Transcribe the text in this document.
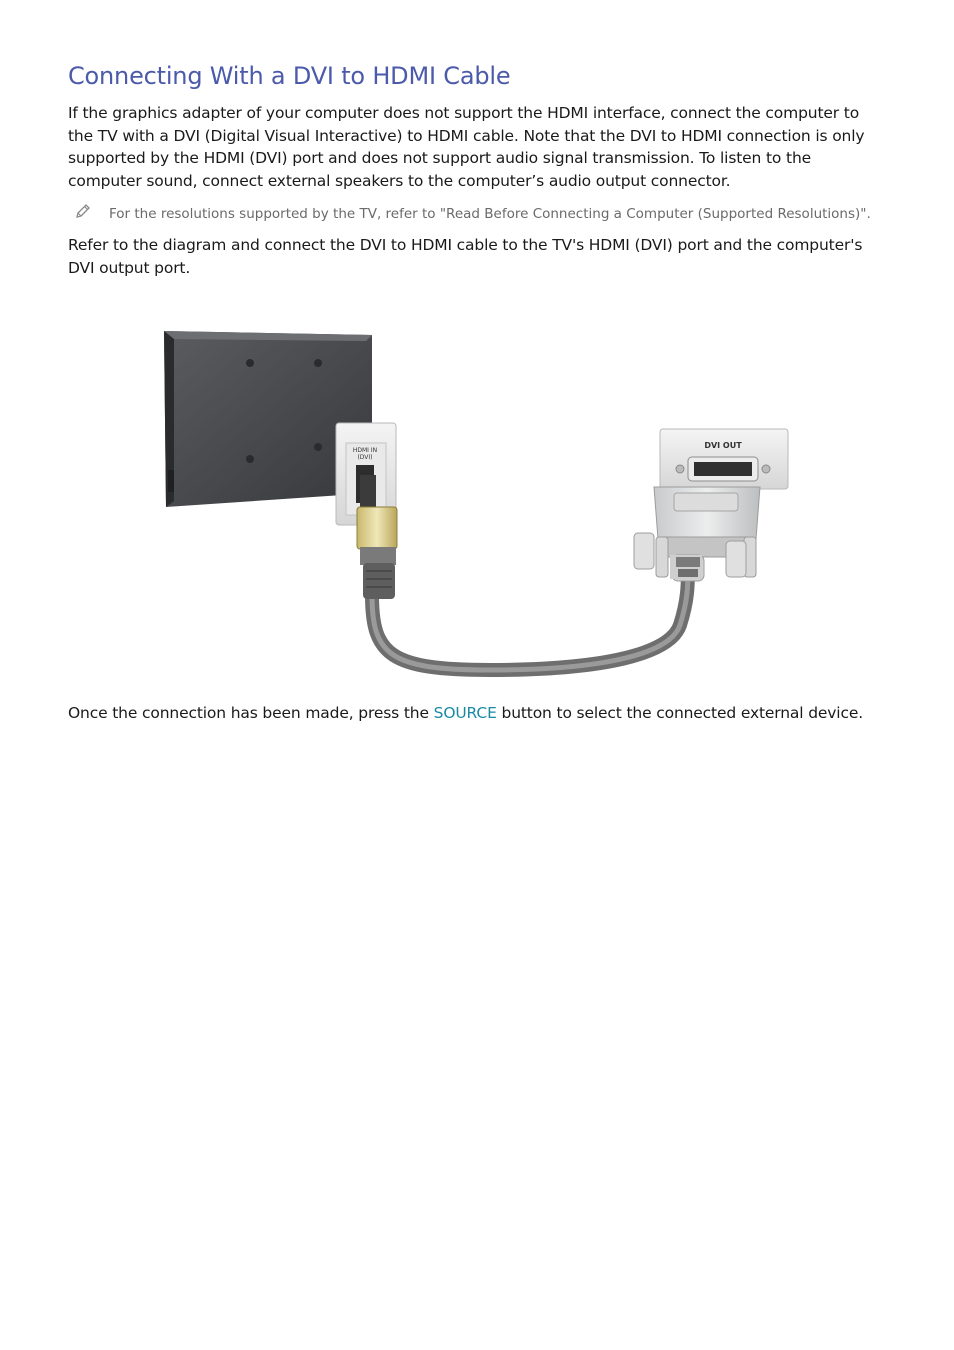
Connecting With a DVI to HDMI Cable

If the graphics adapter of your computer does not support the HDMI interface, connect the computer to the TV with a DVI (Digital Visual Interactive) to HDMI cable. Note that the DVI to HDMI connection is only supported by the HDMI (DVI) port and does not support audio signal transmission. To listen to the computer sound, connect external speakers to the computer’s audio output connector.

For the resolutions supported by the TV, refer to "Read Before Connecting a Computer (Supported Resolutions)".

Refer to the diagram and connect the DVI to HDMI cable to the TV's HDMI (DVI) port and the computer's DVI output port.

HDMI IN
(DVI)
DVI OUT

Once the connection has been made, press the SOURCE button to select the connected external device.
